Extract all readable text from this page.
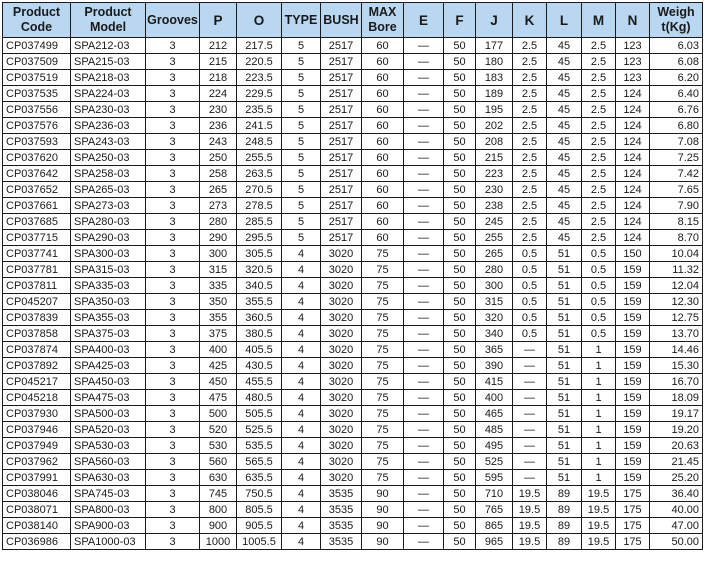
Product Code	Product Model	Grooves	P	O	TYPE	BUSH	MAX Bore	E	F	J	K	L	M	N	Weigh t(Kg)
CP037499	SPA212-03	3	212	217.5	5	2517	60	—	50	177	2.5	45	2.5	123	6.03
CP037509	SPA215-03	3	215	220.5	5	2517	60	—	50	180	2.5	45	2.5	123	6.08
CP037519	SPA218-03	3	218	223.5	5	2517	60	—	50	183	2.5	45	2.5	123	6.20
CP037535	SPA224-03	3	224	229.5	5	2517	60	—	50	189	2.5	45	2.5	124	6.40
CP037556	SPA230-03	3	230	235.5	5	2517	60	—	50	195	2.5	45	2.5	124	6.76
CP037576	SPA236-03	3	236	241.5	5	2517	60	—	50	202	2.5	45	2.5	124	6.80
CP037593	SPA243-03	3	243	248.5	5	2517	60	—	50	208	2.5	45	2.5	124	7.08
CP037620	SPA250-03	3	250	255.5	5	2517	60	—	50	215	2.5	45	2.5	124	7.25
CP037642	SPA258-03	3	258	263.5	5	2517	60	—	50	223	2.5	45	2.5	124	7.42
CP037652	SPA265-03	3	265	270.5	5	2517	60	—	50	230	2.5	45	2.5	124	7.65
CP037661	SPA273-03	3	273	278.5	5	2517	60	—	50	238	2.5	45	2.5	124	7.90
CP037685	SPA280-03	3	280	285.5	5	2517	60	—	50	245	2.5	45	2.5	124	8.15
CP037715	SPA290-03	3	290	295.5	5	2517	60	—	50	255	2.5	45	2.5	124	8.70
CP037741	SPA300-03	3	300	305.5	4	3020	75	—	50	265	0.5	51	0.5	150	10.04
CP037781	SPA315-03	3	315	320.5	4	3020	75	—	50	280	0.5	51	0.5	159	11.32
CP037811	SPA335-03	3	335	340.5	4	3020	75	—	50	300	0.5	51	0.5	159	12.04
CP045207	SPA350-03	3	350	355.5	4	3020	75	—	50	315	0.5	51	0.5	159	12.30
CP037839	SPA355-03	3	355	360.5	4	3020	75	—	50	320	0.5	51	0.5	159	12.75
CP037858	SPA375-03	3	375	380.5	4	3020	75	—	50	340	0.5	51	0.5	159	13.70
CP037874	SPA400-03	3	400	405.5	4	3020	75	—	50	365	—	51	1	159	14.46
CP037892	SPA425-03	3	425	430.5	4	3020	75	—	50	390	—	51	1	159	15.30
CP045217	SPA450-03	3	450	455.5	4	3020	75	—	50	415	—	51	1	159	16.70
CP045218	SPA475-03	3	475	480.5	4	3020	75	—	50	400	—	51	1	159	18.09
CP037930	SPA500-03	3	500	505.5	4	3020	75	—	50	465	—	51	1	159	19.17
CP037946	SPA520-03	3	520	525.5	4	3020	75	—	50	485	—	51	1	159	19.20
CP037949	SPA530-03	3	530	535.5	4	3020	75	—	50	495	—	51	1	159	20.63
CP037962	SPA560-03	3	560	565.5	4	3020	75	—	50	525	—	51	1	159	21.45
CP037991	SPA630-03	3	630	635.5	4	3020	75	—	50	595	—	51	1	159	25.20
CP038046	SPA745-03	3	745	750.5	4	3535	90	—	50	710	19.5	89	19.5	175	36.40
CP038071	SPA800-03	3	800	805.5	4	3535	90	—	50	765	19.5	89	19.5	175	40.00
CP038140	SPA900-03	3	900	905.5	4	3535	90	—	50	865	19.5	89	19.5	175	47.00
CP036986	SPA1000-03	3	1000	1005.5	4	3535	90	—	50	965	19.5	89	19.5	175	50.00
